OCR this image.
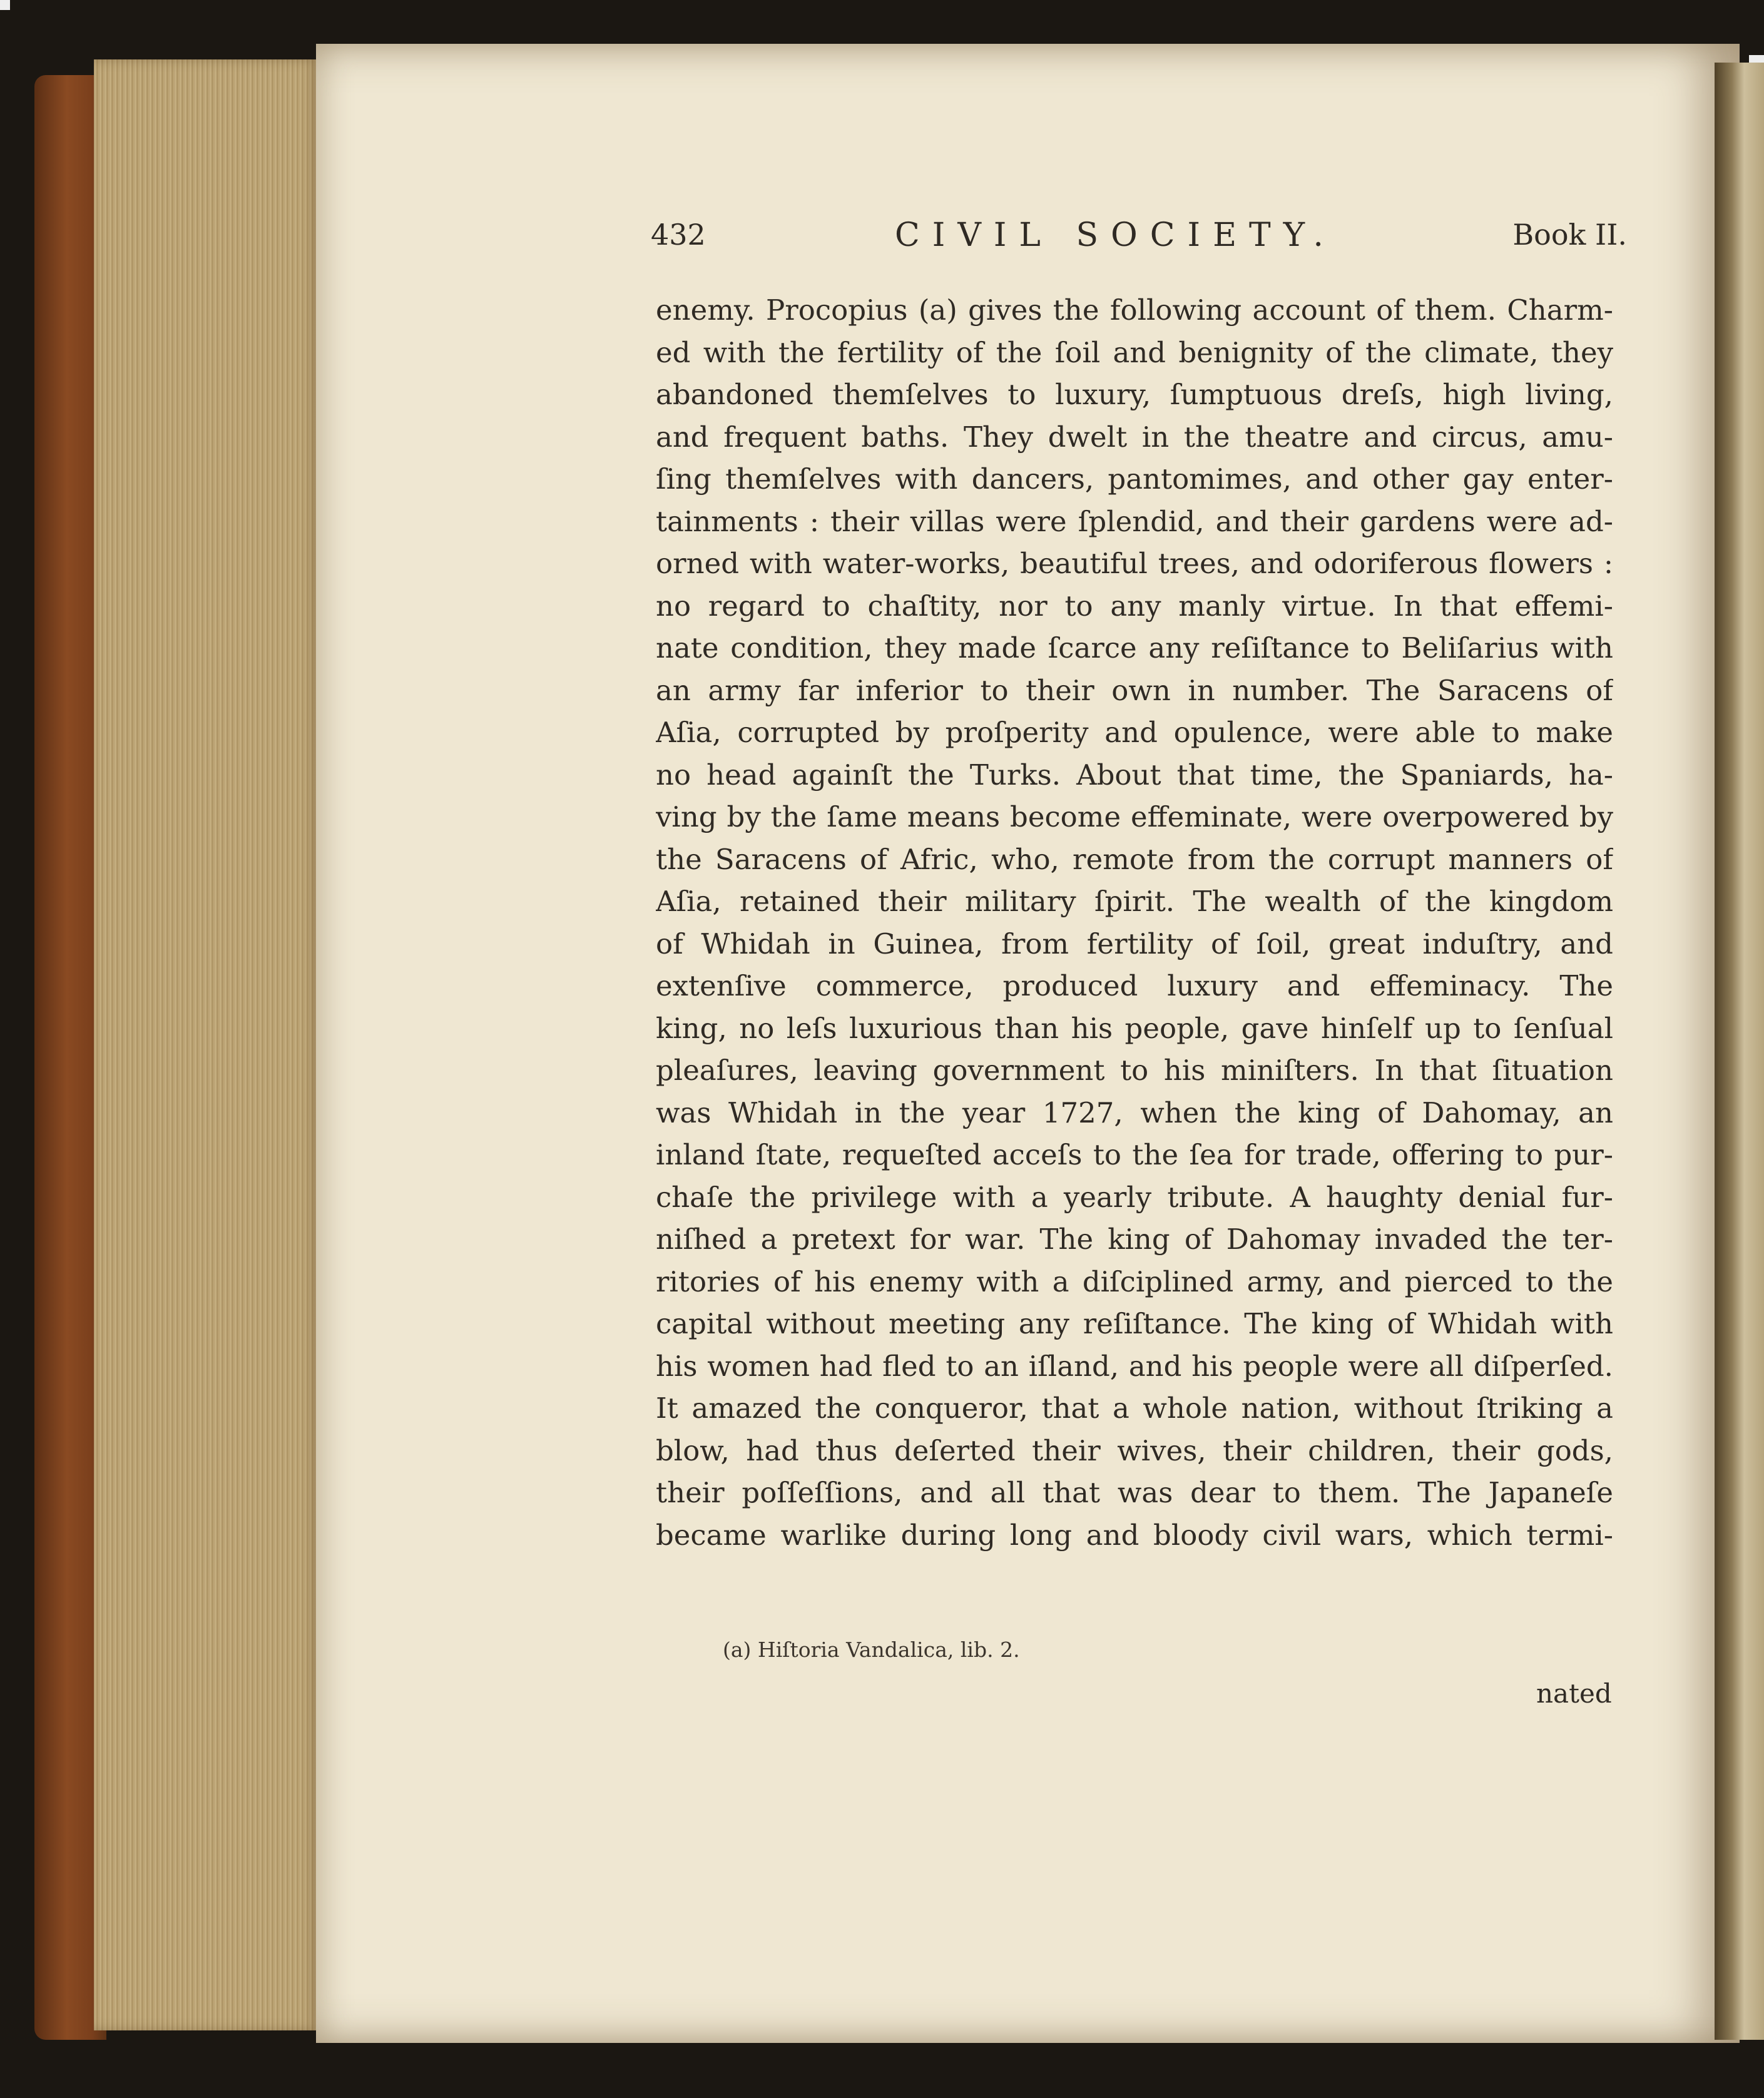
432	CIVIL SOCIETY.	Book II.
enemy. Procopius (a) gives the following account of them. Charm-
ed with the fertility of the ſoil and benignity of the climate, they
abandoned themſelves to luxury, ſumptuous dreſs, high living,
and frequent baths. They dwelt in the theatre and circus, amu-
ſing themſelves with dancers, pantomimes, and other gay enter-
tainments : their villas were ſplendid, and their gardens were ad-
orned with water-works, beautiful trees, and odoriferous flowers :
no regard to chaſtity, nor to any manly virtue. In that effemi-
nate condition, they made ſcarce any reſiſtance to Beliſarius with
an army far inferior to their own in number. The Saracens of
Aſia, corrupted by proſperity and opulence, were able to make
no head againſt the Turks. About that time, the Spaniards, ha-
ving by the ſame means become effeminate, were overpowered by
the Saracens of Afric, who, remote from the corrupt manners of
Aſia, retained their military ſpirit. The wealth of the kingdom
of Whidah in Guinea, from fertility of ſoil, great induſtry, and
extenſive commerce, produced luxury and effeminacy. The
king, no leſs luxurious than his people, gave hinſelf up to ſenſual
pleaſures, leaving government to his miniſters. In that ſituation
was Whidah in the year 1727, when the king of Dahomay, an
inland ſtate, requeſted acceſs to the ſea for trade, offering to pur-
chaſe the privilege with a yearly tribute. A haughty denial fur-
niſhed a pretext for war. The king of Dahomay invaded the ter-
ritories of his enemy with a diſciplined army, and pierced to the
capital without meeting any reſiſtance. The king of Whidah with
his women had fled to an iſland, and his people were all diſperſed.
It amazed the conqueror, that a whole nation, without ſtriking a
blow, had thus deſerted their wives, their children, their gods,
their poſſeſſions, and all that was dear to them. The Japaneſe
became warlike during long and bloody civil wars, which termi-
(a) Hiſtoria Vandalica, lib. 2.
nated
